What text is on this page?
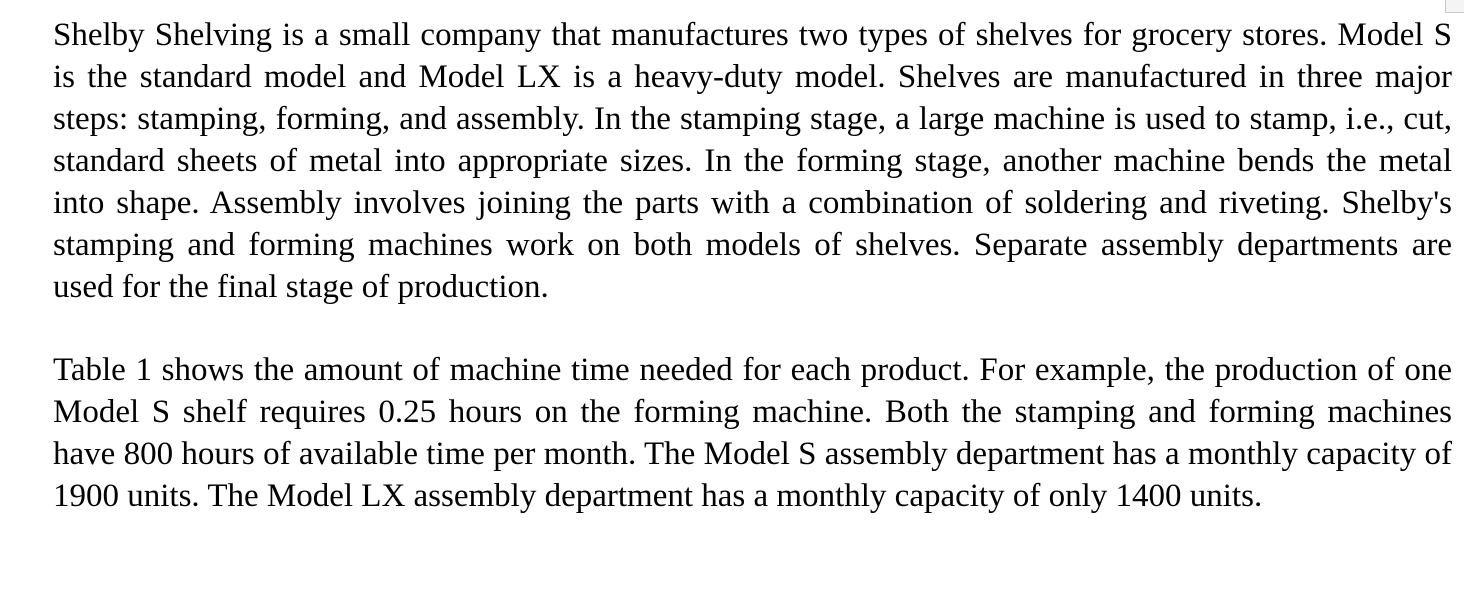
Shelby Shelving is a small company that manufactures two types of shelves for grocery stores. Model S is the standard model and Model LX is a heavy-duty model. Shelves are manufactured in three major steps: stamping, forming, and assembly. In the stamping stage, a large machine is used to stamp, i.e., cut, standard sheets of metal into appropriate sizes. In the forming stage, another machine bends the metal into shape. Assembly involves joining the parts with a combination of soldering and riveting. Shelby's stamping and forming machines work on both models of shelves. Separate assembly departments are used for the final stage of production.

Table 1 shows the amount of machine time needed for each product. For example, the production of one Model S shelf requires 0.25 hours on the forming machine. Both the stamping and forming machines have 800 hours of available time per month. The Model S assembly department has a monthly capacity of 1900 units. The Model LX assembly department has a monthly capacity of only 1400 units.
